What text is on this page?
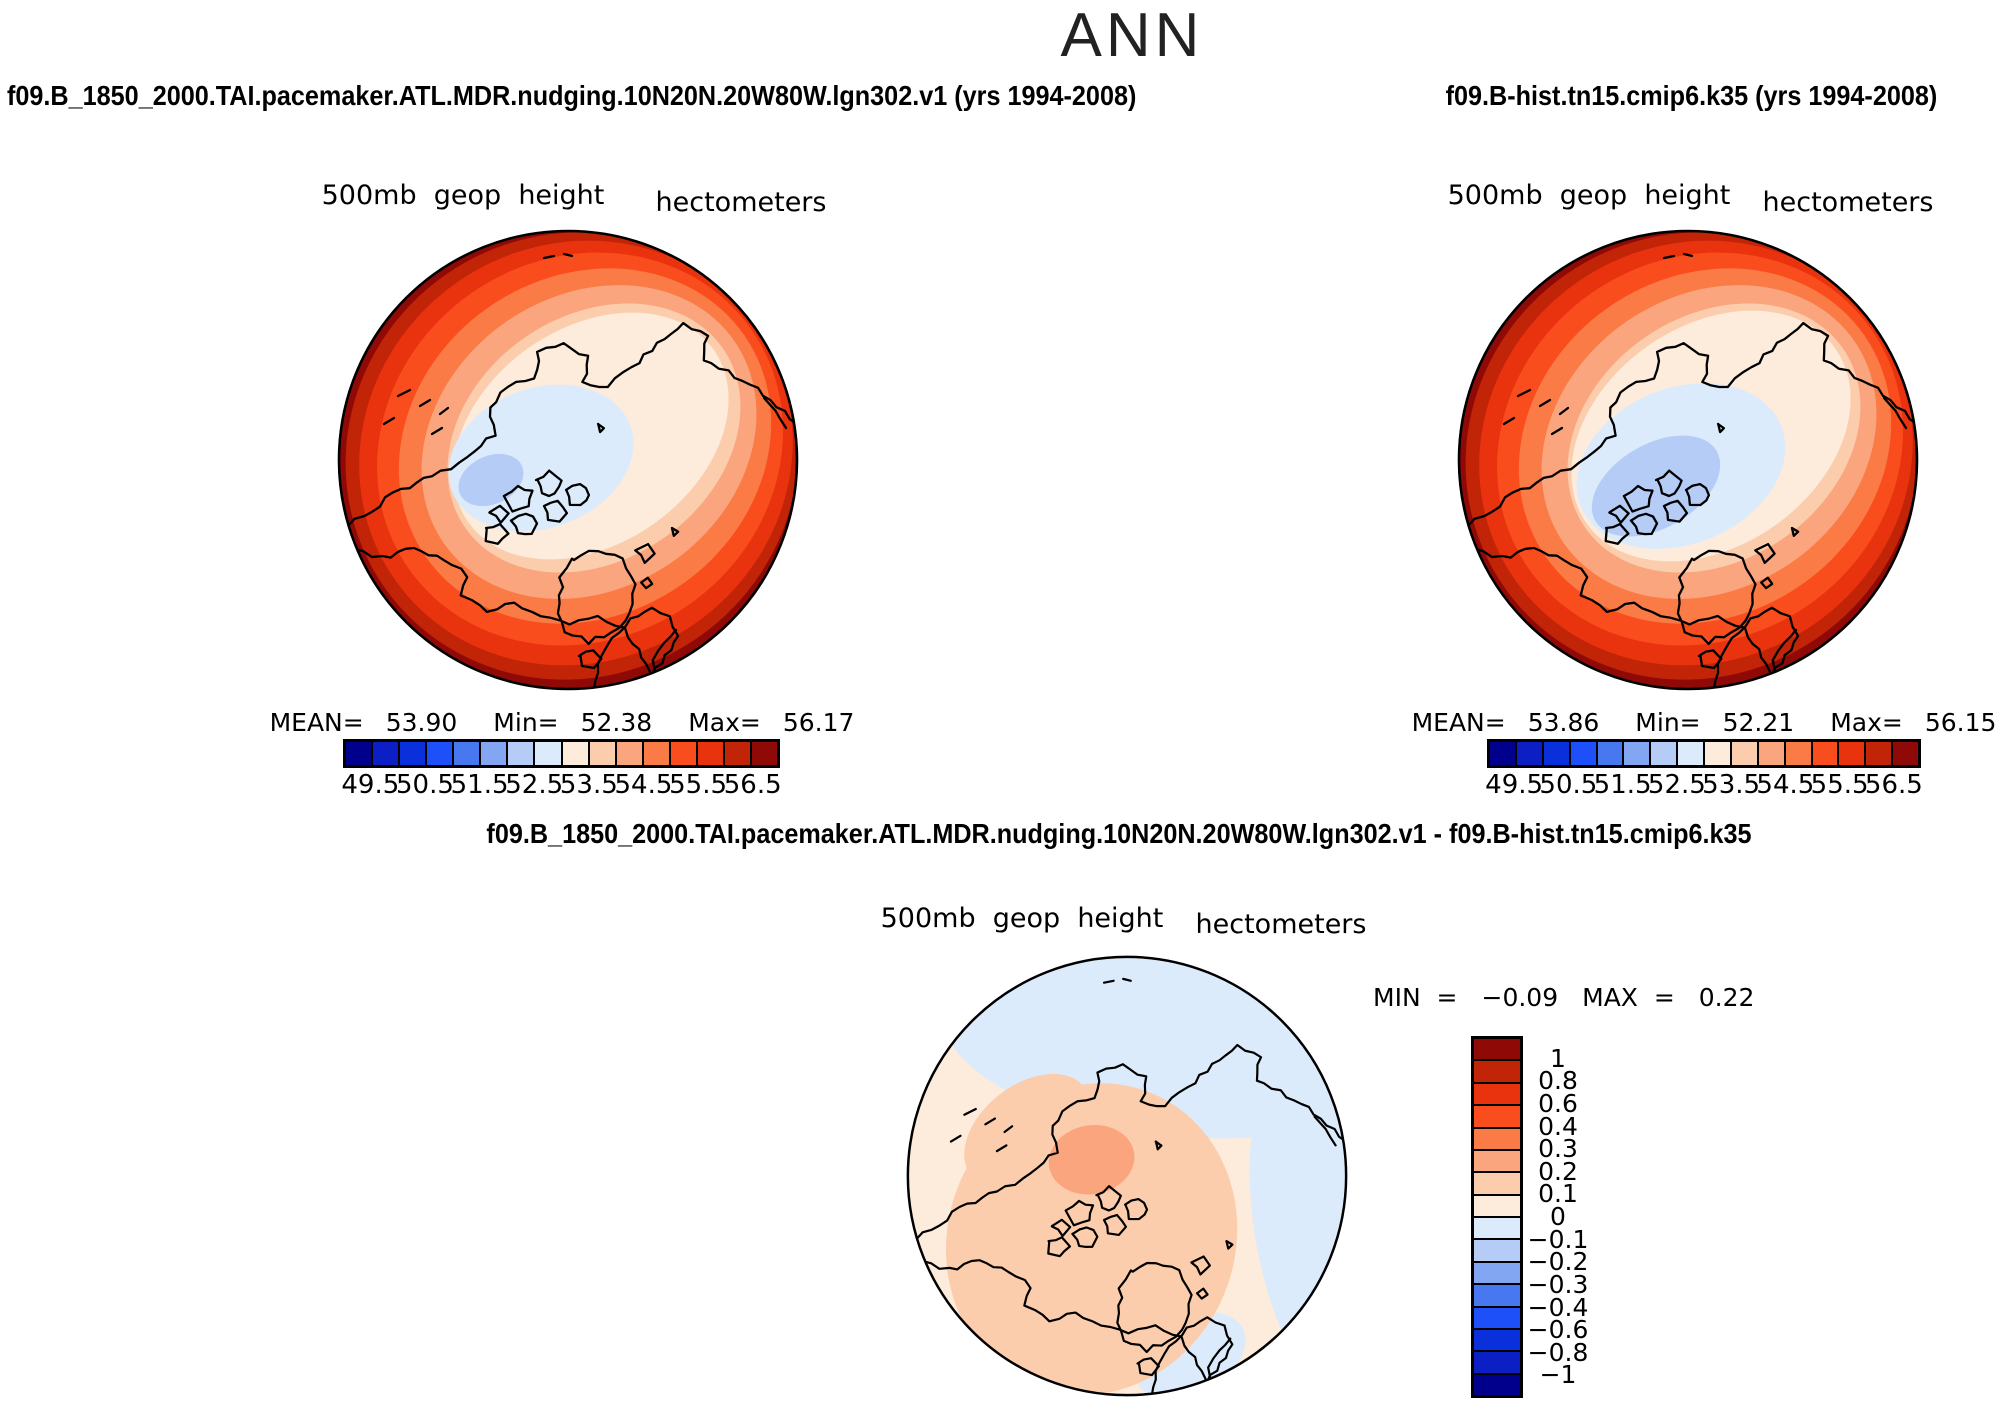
ANN
f09.B_1850_2000.TAI.pacemaker.ATL.MDR.nudging.10N20N.20W80W.lgn302.v1 (yrs 1994-2008)	f09.B-hist.tn15.cmip6.k35 (yrs 1994-2008)
500mb  geop  height hectometers
MEAN= 53.90 Min= 52.38 Max= 56.17
49.5
50.5
51.5
52.5
53.5
54.5
55.5
56.5
500mb  geop  height hectometers
MEAN= 53.86 Min= 52.21 Max= 56.15
49.5
50.5
51.5
52.5
53.5
54.5
55.5
56.5
f09.B_1850_2000.TAI.pacemaker.ATL.MDR.nudging.10N20N.20W80W.lgn302.v1 - f09.B-hist.tn15.cmip6.k35
500mb  geop  height hectometers
MIN  = −0.09 MAX  = 0.22
1
0.8
0.6
0.4
0.3
0.2
0.1
0
−0.1
−0.2
−0.3
−0.4
−0.6
−0.8
−1
